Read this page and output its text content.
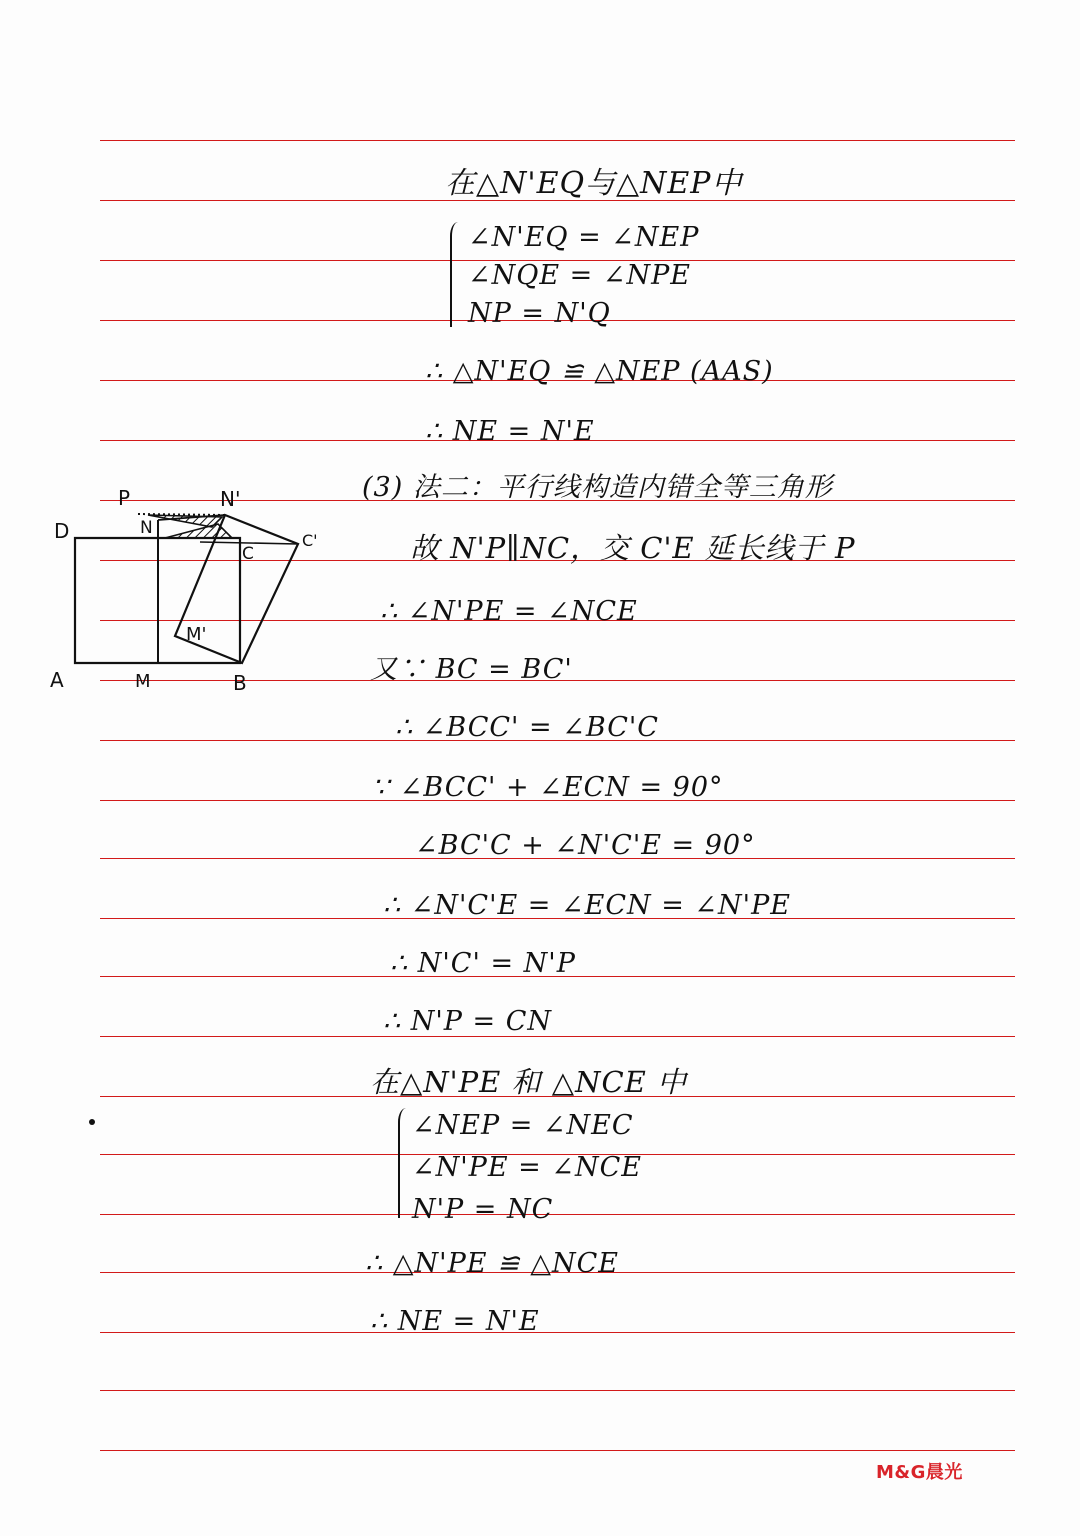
在△N'EQ与△NEP中
∠N'EQ = ∠NEP
∠NQE = ∠NPE
NP = N'Q
∴ △N'EQ ≌ △NEP (AAS)
∴ NE = N'E
(3) 法二：平行线构造内错全等三角形
故 N'P∥NC，交 C'E 延长线于 P
∴ ∠N'PE = ∠NCE
又∵ BC = BC'
∴ ∠BCC' = ∠BC'C
∵ ∠BCC' + ∠ECN = 90°
∠BC'C + ∠N'C'E = 90°
∴ ∠N'C'E = ∠ECN = ∠N'PE
∴ N'C' = N'P
∴ N'P = CN
在△N'PE 和 △NCE 中
∠NEP = ∠NEC
∠N'PE = ∠NCE
N'P = NC
∴ △N'PE ≌ △NCE
∴ NE = N'E
P	N'
D	N
C
C'
M'
A	M	B
M&G晨光
